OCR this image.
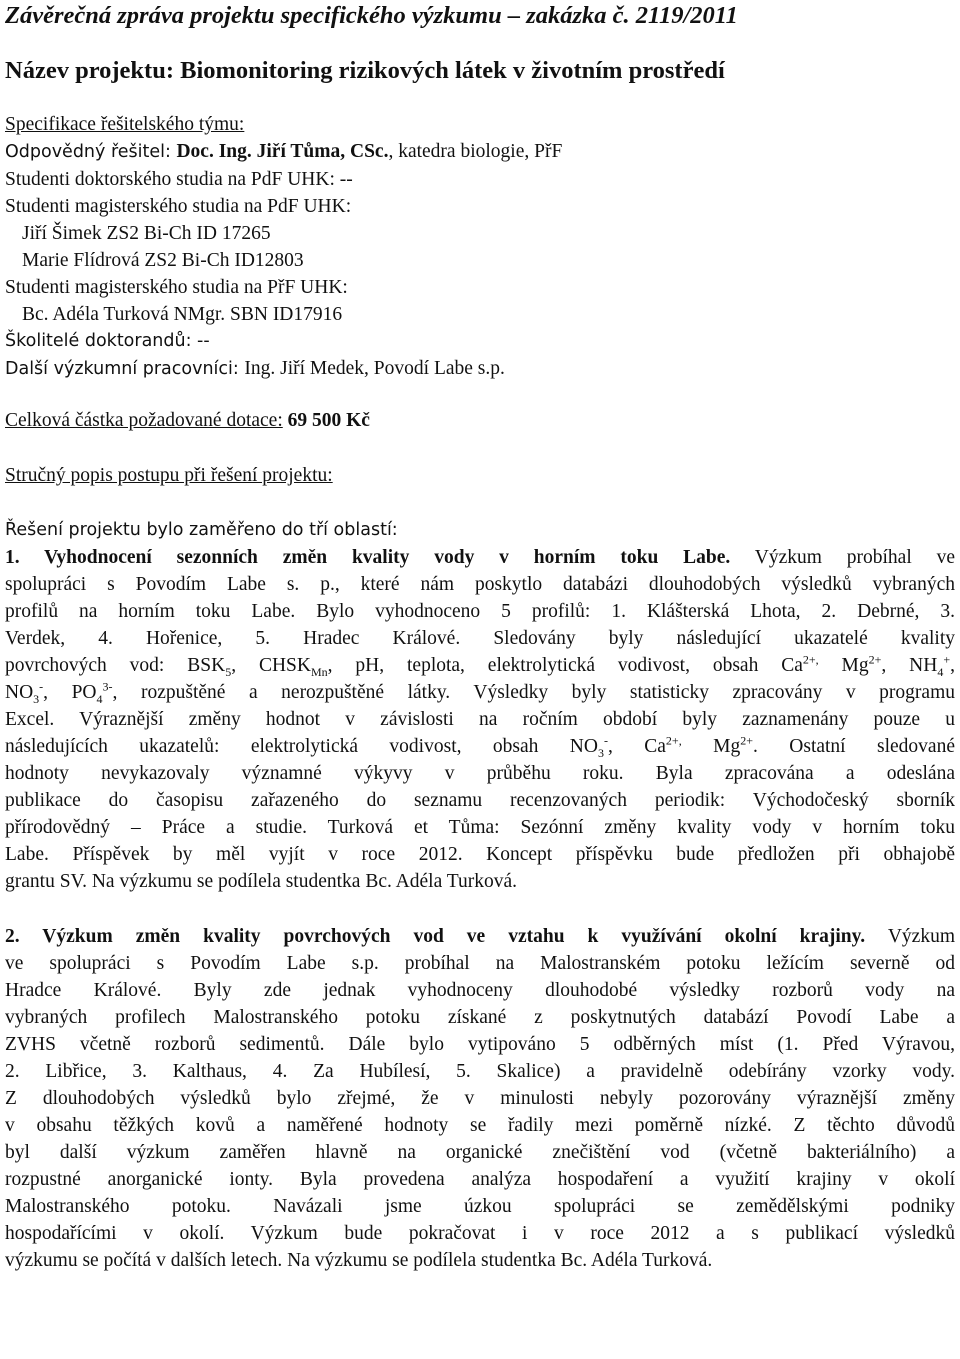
Závěrečná zpráva projektu specifického výzkumu – zakázka č. 2119/2011
Název projektu: Biomonitoring rizikových látek v životním prostředí
Specifikace řešitelského týmu:
Odpovědný řešitel: Doc. Ing. Jiří Tůma, CSc., katedra biologie, PřF
Studenti doktorského studia na PdF UHK: --
Studenti magisterského studia na PdF UHK:
Jiří Šimek ZS2 Bi-Ch ID 17265
Marie Flídrová ZS2 Bi-Ch ID12803
Studenti magisterského studia na PřF UHK:
Bc. Adéla Turková NMgr. SBN ID17916
Školitelé doktorandů: --
Další výzkumní pracovníci: Ing. Jiří Medek, Povodí Labe s.p.
Celková částka požadované dotace: 69 500 Kč
Stručný popis postupu při řešení projektu:
Řešení projektu bylo zaměřeno do tří oblastí:
1. Vyhodnocení sezonních změn kvality vody v horním toku Labe. Výzkum probíhal ve
spolupráci s Povodím Labe s. p., které nám poskytlo databázi dlouhodobých výsledků vybraných
profilů na horním toku Labe. Bylo vyhodnoceno 5 profilů: 1. Klášterská Lhota, 2. Debrné, 3.
Verdek, 4. Hořenice, 5. Hradec Králové. Sledovány byly následující ukazatelé kvality
povrchových vod: $BSK_5$, $CHSK_{Mn}$, pH, teplota, elektrolytická vodivost, obsah $Ca^{2+,}$ $Mg^{2+}$, $NH_4^+$,
$NO_3^-$, $PO_4^{3-}$, rozpuštěné a nerozpuštěné látky. Výsledky byly statisticky zpracovány v programu
Excel. Výraznější změny hodnot v závislosti na ročním období byly zaznamenány pouze u
následujících ukazatelů: elektrolytická vodivost, obsah $NO_3^-$, $Ca^{2+,}$ $Mg^{2+}$. Ostatní sledované
hodnoty nevykazovaly významné výkyvy v průběhu roku. Byla zpracována a odeslána
publikace do časopisu zařazeného do seznamu recenzovaných periodik: Východočeský sborník
přírodovědný – Práce a studie. Turková et Tůma: Sezónní změny kvality vody v horním toku
Labe. Příspěvek by měl vyjít v roce 2012. Koncept příspěvku bude předložen při obhajobě
grantu SV. Na výzkumu se podílela studentka Bc. Adéla Turková.
2. Výzkum změn kvality povrchových vod ve vztahu k využívání okolní krajiny. Výzkum
ve spolupráci s Povodím Labe s.p. probíhal na Malostranském potoku ležícím severně od
Hradce Králové. Byly zde jednak vyhodnoceny dlouhodobé výsledky rozborů vody na
vybraných profilech Malostranského potoku získané z poskytnutých databází Povodí Labe a
ZVHS včetně rozborů sedimentů. Dále bylo vytipováno 5 odběrných míst (1. Před Výravou,
2. Libřice, 3. Kalthaus, 4. Za Hubílesí, 5. Skalice) a pravidelně odebírány vzorky vody.
Z dlouhodobých výsledků bylo zřejmé, že v minulosti nebyly pozorovány výraznější změny
v obsahu těžkých kovů a naměřené hodnoty se řadily mezi poměrně nízké. Z těchto důvodů
byl další výzkum zaměřen hlavně na organické znečištění vod (včetně bakteriálního) a
rozpustné anorganické ionty. Byla provedena analýza hospodaření a využití krajiny v okolí
Malostranského potoku. Navázali jsme úzkou spolupráci se zemědělskými podniky
hospodařícími v okolí. Výzkum bude pokračovat i v roce 2012 a s publikací výsledků
výzkumu se počítá v dalších letech. Na výzkumu se podílela studentka Bc. Adéla Turková.
